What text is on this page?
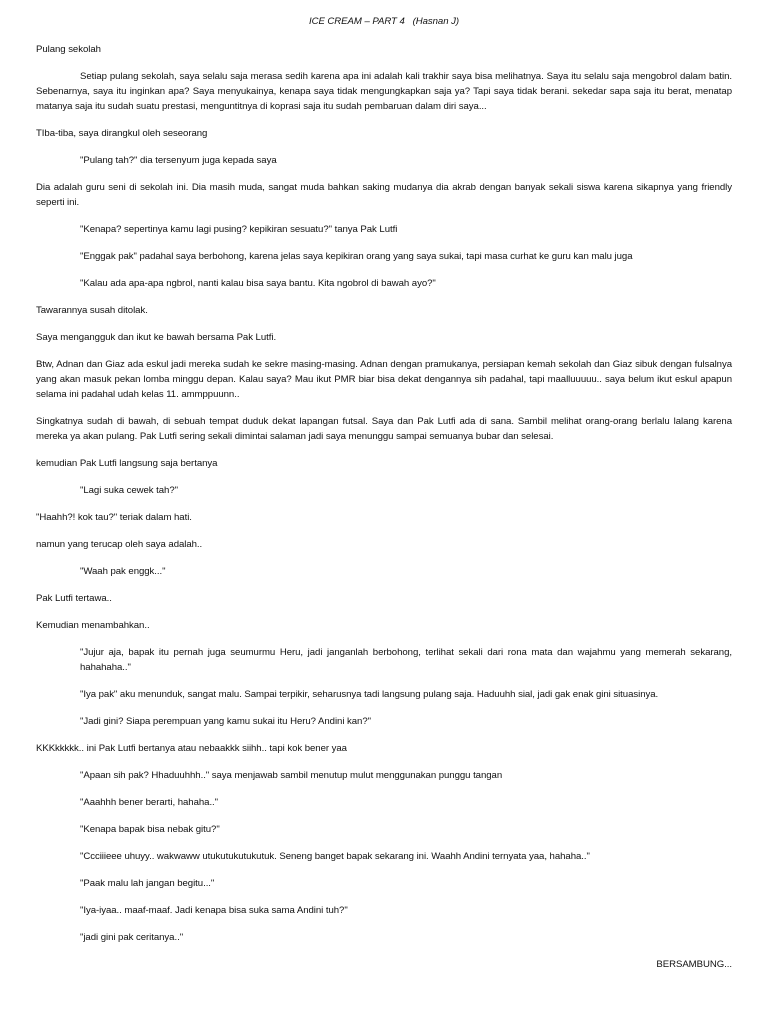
ICE CREAM – PART 4   (Hasnan J)
Pulang sekolah
Setiap pulang sekolah, saya selalu saja merasa sedih karena apa ini adalah kali trakhir saya bisa melihatnya. Saya itu selalu saja mengobrol dalam batin. Sebenarnya, saya itu inginkan apa? Saya menyukainya, kenapa saya tidak mengungkapkan saja ya? Tapi saya tidak berani. sekedar sapa saja itu berat, menatap matanya saja itu sudah suatu prestasi, menguntitnya di koprasi saja itu sudah pembaruan dalam diri saya...
TIba-tiba, saya dirangkul oleh seseorang
"Pulang tah?" dia tersenyum juga kepada saya
Dia adalah guru seni di sekolah ini. Dia masih muda, sangat muda bahkan saking mudanya dia akrab dengan banyak sekali siswa karena sikapnya yang friendly seperti ini.
"Kenapa? sepertinya kamu lagi pusing? kepikiran sesuatu?" tanya Pak Lutfi
"Enggak pak" padahal saya berbohong, karena jelas saya kepikiran orang yang saya sukai, tapi masa curhat ke guru kan malu juga
"Kalau ada apa-apa ngbrol, nanti kalau bisa saya bantu. Kita ngobrol di bawah ayo?"
Tawarannya susah ditolak.
Saya mengangguk dan ikut ke bawah bersama Pak Lutfi.
Btw, Adnan dan Giaz ada eskul jadi mereka sudah ke sekre masing-masing. Adnan dengan pramukanya, persiapan kemah sekolah dan Giaz sibuk dengan fulsalnya yang akan masuk pekan lomba minggu depan. Kalau saya? Mau ikut PMR biar bisa dekat dengannya sih padahal, tapi maalluuuuu.. saya belum ikut eskul apapun selama ini padahal udah kelas 11. ammppuunn..
Singkatnya sudah di bawah, di sebuah tempat duduk dekat lapangan futsal. Saya dan Pak Lutfi ada di sana. Sambil melihat orang-orang berlalu lalang karena mereka ya akan pulang. Pak Lutfi sering sekali dimintai salaman jadi saya menunggu sampai semuanya bubar dan selesai.
kemudian Pak Lutfi langsung saja bertanya
"Lagi suka cewek tah?"
"Haahh?! kok tau?" teriak dalam hati.
namun yang terucap oleh saya adalah..
"Waah pak enggk..."
Pak Lutfi tertawa..
Kemudian menambahkan..
"Jujur aja, bapak itu pernah juga seumurmu Heru, jadi janganlah berbohong, terlihat sekali dari rona mata dan wajahmu yang memerah sekarang, hahahaha.."
"Iya pak" aku menunduk, sangat malu. Sampai terpikir, seharusnya tadi langsung pulang saja. Haduuhh sial, jadi gak enak gini situasinya.
"Jadi gini? Siapa perempuan yang kamu sukai itu Heru? Andini kan?"
KKKkkkkk.. ini Pak Lutfi bertanya atau nebaakkk siihh.. tapi kok bener yaa
"Apaan sih pak? Hhaduuhhh.." saya menjawab sambil menutup mulut menggunakan punggu tangan
"Aaahhh bener berarti, hahaha.."
"Kenapa bapak bisa nebak gitu?"
"Ccciiieee uhuyy.. wakwaww utukutukutukutuk. Seneng banget bapak sekarang ini. Waahh Andini ternyata yaa, hahaha.."
"Paak malu lah jangan begitu..."
"Iya-iyaa.. maaf-maaf. Jadi kenapa bisa suka sama Andini tuh?"
"jadi gini pak ceritanya.."
BERSAMBUNG...
